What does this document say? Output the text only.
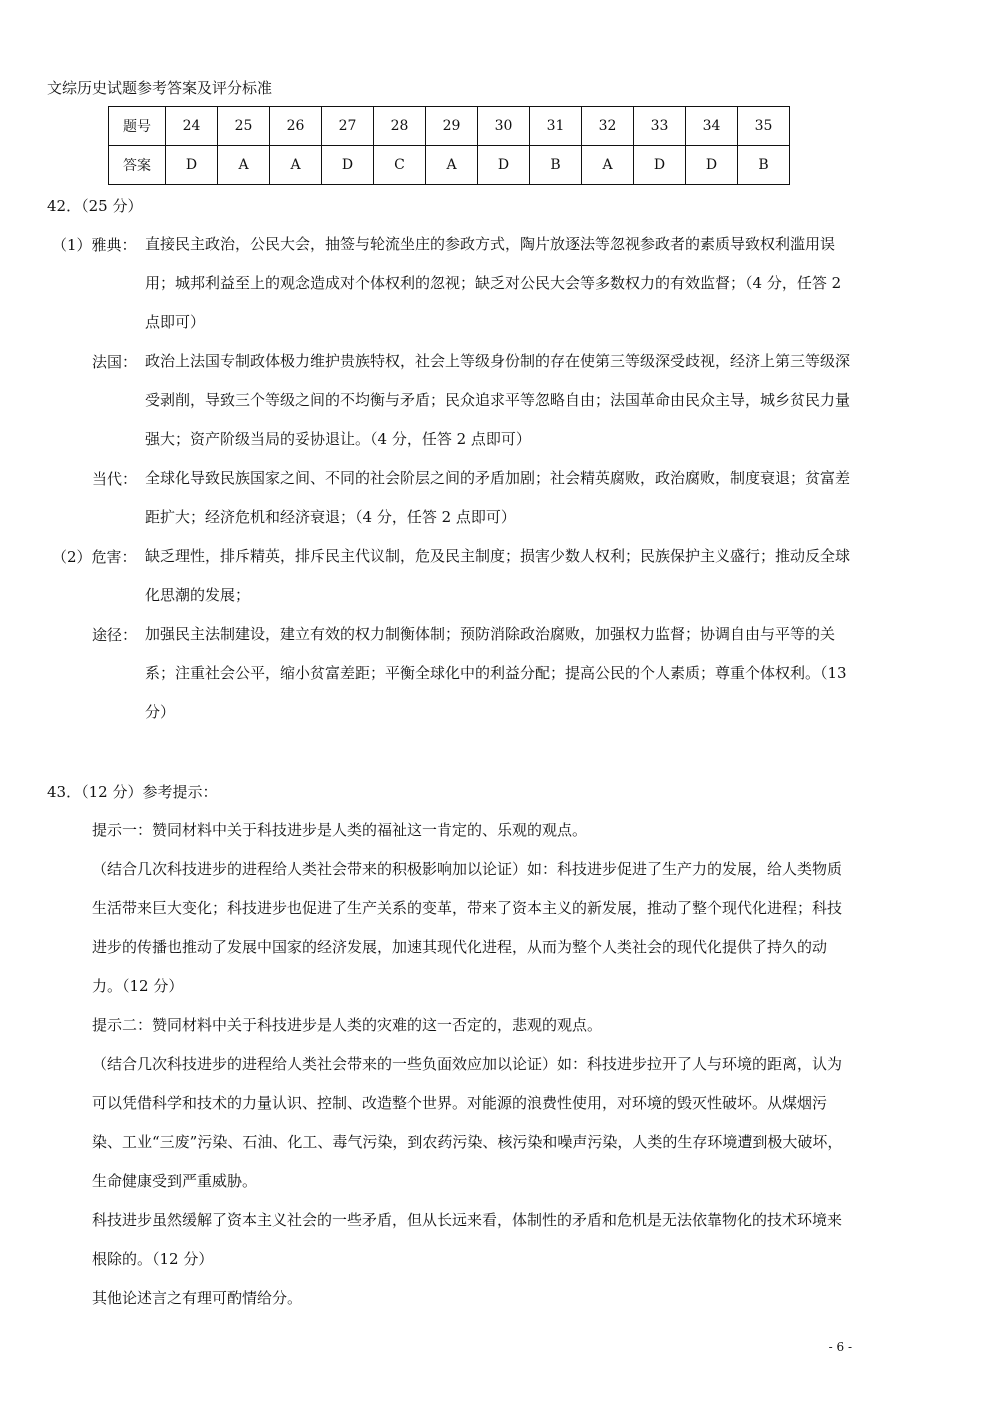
文综历史试题参考答案及评分标准
题号	24	25	26	27	28	29	30	31	32	33	34	35
答案	D	A	A	D	C	A	D	B	A	D	D	B
42．（25 分）
（1）雅典： 直接民主政治，公民大会，抽签与轮流坐庄的参政方式，陶片放逐法等忽视参政者的素质导致权利滥用误用；城邦利益至上的观念造成对个体权利的忽视；缺乏对公民大会等多数权力的有效监督；（4 分，任答 2 点即可）
法国： 政治上法国专制政体极力维护贵族特权，社会上等级身份制的存在使第三等级深受歧视，经济上第三等级深受剥削，导致三个等级之间的不均衡与矛盾；民众追求平等忽略自由；法国革命由民众主导，城乡贫民力量强大；资产阶级当局的妥协退让。（4 分，任答 2 点即可）
当代： 全球化导致民族国家之间、不同的社会阶层之间的矛盾加剧；社会精英腐败，政治腐败，制度衰退；贫富差距扩大；经济危机和经济衰退；（4 分，任答 2 点即可）
（2）危害： 缺乏理性，排斥精英，排斥民主代议制，危及民主制度；损害少数人权利；民族保护主义盛行；推动反全球化思潮的发展；
途径： 加强民主法制建设，建立有效的权力制衡体制；预防消除政治腐败，加强权力监督；协调自由与平等的关系；注重社会公平，缩小贫富差距；平衡全球化中的利益分配；提高公民的个人素质；尊重个体权利。（13 分）
43．（12 分）参考提示：
提示一：赞同材料中关于科技进步是人类的福祉这一肯定的、乐观的观点。
（结合几次科技进步的进程给人类社会带来的积极影响加以论证）如：科技进步促进了生产力的发展，给人类物质生活带来巨大变化；科技进步也促进了生产关系的变革，带来了资本主义的新发展，推动了整个现代化进程；科技进步的传播也推动了发展中国家的经济发展，加速其现代化进程，从而为整个人类社会的现代化提供了持久的动力。（12 分）
提示二：赞同材料中关于科技进步是人类的灾难的这一否定的，悲观的观点。
（结合几次科技进步的进程给人类社会带来的一些负面效应加以论证）如：科技进步拉开了人与环境的距离，认为可以凭借科学和技术的力量认识、控制、改造整个世界。对能源的浪费性使用，对环境的毁灭性破坏。从煤烟污染、工业“三废”污染、石油、化工、毒气污染，到农药污染、核污染和噪声污染，人类的生存环境遭到极大破坏，生命健康受到严重威胁。
科技进步虽然缓解了资本主义社会的一些矛盾，但从长远来看，体制性的矛盾和危机是无法依靠物化的技术环境来根除的。（12 分）
其他论述言之有理可酌情给分。
- 6 -
